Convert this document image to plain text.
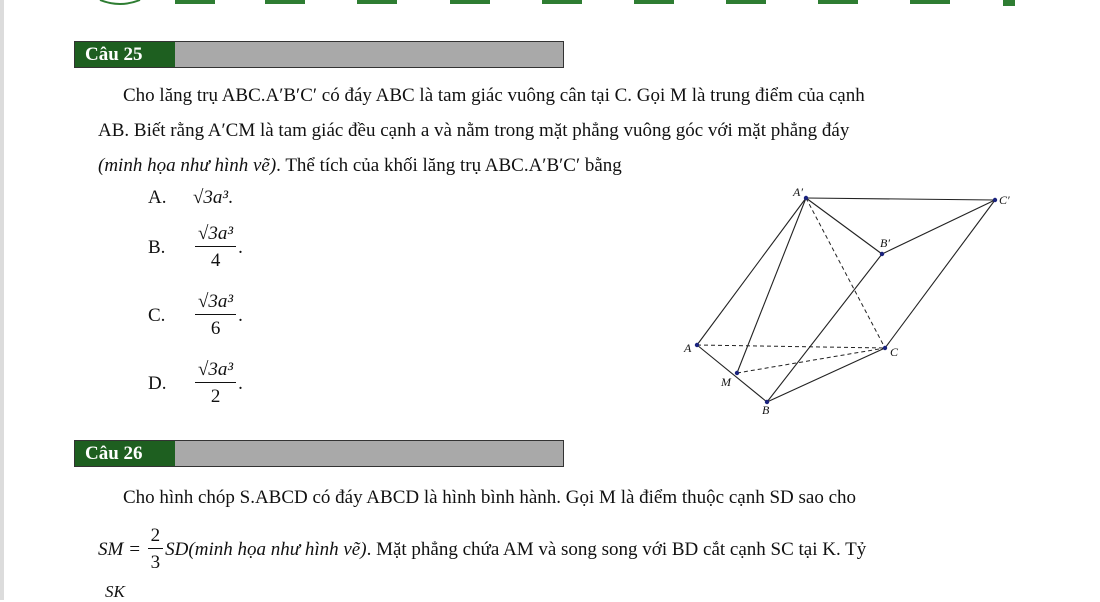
Câu 25

Cho lăng trụ ABC.A′B′C′ có đáy ABC là tam giác vuông cân tại C. Gọi M là trung điểm của cạnh

AB. Biết rằng A′CM là tam giác đều cạnh a và nằm trong mặt phẳng vuông góc với mặt phẳng đáy

(minh họa như hình vẽ). Thể tích của khối lăng trụ ABC.A′B′C′ bằng

A.	√3a³ .
B.	$\frac{\text{√3a³}}{4}$ .
C.	$\frac{\text{√3a³}}{6}$ .
D.	$\frac{\text{√3a³}}{2}$ .
A′
C′
B′
A	C
M
B
Câu 26

Cho hình chóp S.ABCD có đáy ABCD là hình bình hành. Gọi M là điểm thuộc cạnh SD sao cho

SM =
$\frac{2}{3}$ SD (minh họa như hình vẽ) . Mặt phẳng chứa AM và song song với BD cắt cạnh SC tại K. Tỷ
SK
